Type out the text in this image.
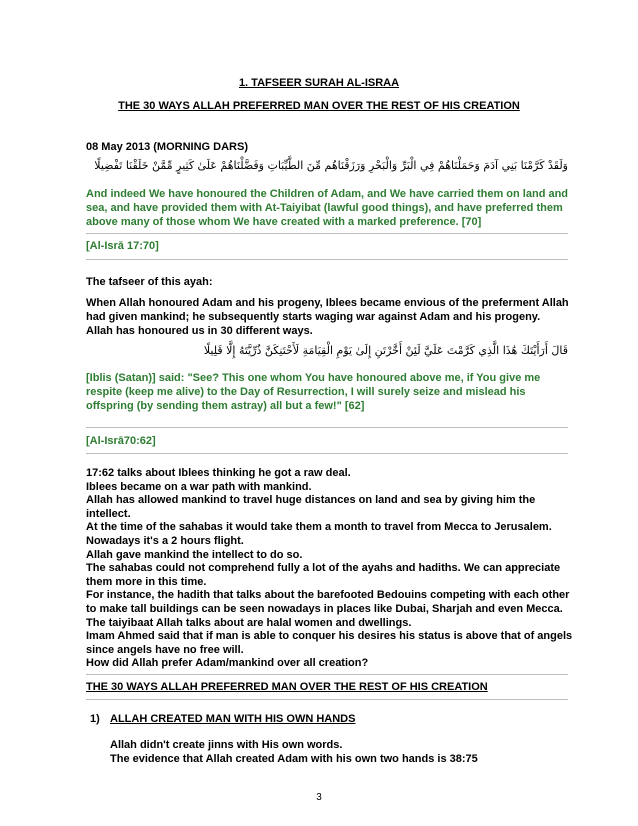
1. TAFSEER SURAH AL-ISRAA
THE 30 WAYS ALLAH PREFERRED MAN OVER THE REST OF HIS CREATION
08 May 2013 (MORNING DARS)
وَلَقَدْ كَرَّمْنَا بَنِي آدَمَ وَحَمَلْنَاهُمْ فِي الْبَرِّ وَالْبَحْرِ وَرَزَقْنَاهُم مِّنَ الطَّيِّبَاتِ وَفَضَّلْنَاهُمْ عَلَىٰ كَثِيرٍ مِّمَّنْ خَلَقْنَا تَفْضِيلًا
And indeed We have honoured the Children of Adam, and We have carried them on land and
sea, and have provided them with At-Taiyibat (lawful good things), and have preferred them
above many of those whom We have created with a marked preference. [70]
[Al-Isrā 17:70]
The tafseer of this ayah:
When Allah honoured Adam and his progeny, Iblees became envious of the preferment Allah
had given mankind; he subsequently starts waging war against Adam and his progeny.
Allah has honoured us in 30 different ways.
قَالَ أَرَأَيْتَكَ هَٰذَا الَّذِي كَرَّمْتَ عَلَيَّ لَئِنْ أَخَّرْتَنِ إِلَىٰ يَوْمِ الْقِيَامَةِ لَأَحْتَنِكَنَّ ذُرِّيَّتَهُ إِلَّا قَلِيلًا
[Iblis (Satan)] said: "See? This one whom You have honoured above me, if You give me
respite (keep me alive) to the Day of Resurrection, I will surely seize and mislead his
offspring (by sending them astray) all but a few!" [62]
[Al-Isrā70:62]
17:62 talks about Iblees thinking he got a raw deal.
Iblees became on a war path with mankind.
Allah has allowed mankind to travel huge distances on land and sea by giving him the
intellect.
At the time of the sahabas it would take them a month to travel from Mecca to Jerusalem.
Nowadays it's a 2 hours flight.
Allah gave mankind the intellect to do so.
The sahabas could not comprehend fully a lot of the ayahs and hadiths. We can appreciate
them more in this time.
For instance, the hadith that talks about the barefooted Bedouins competing with each other
to make tall buildings can be seen nowadays in places like Dubai, Sharjah and even Mecca.
The taiyibaat Allah talks about are halal women and dwellings.
Imam Ahmed said that if man is able to conquer his desires his status is above that of angels
since angels have no free will.
How did Allah prefer Adam/mankind over all creation?
THE 30 WAYS ALLAH PREFERRED MAN OVER THE REST OF HIS CREATION
1) ALLAH CREATED MAN WITH HIS OWN HANDS
Allah didn't create jinns with His own words.
The evidence that Allah created Adam with his own two hands is 38:75
3
